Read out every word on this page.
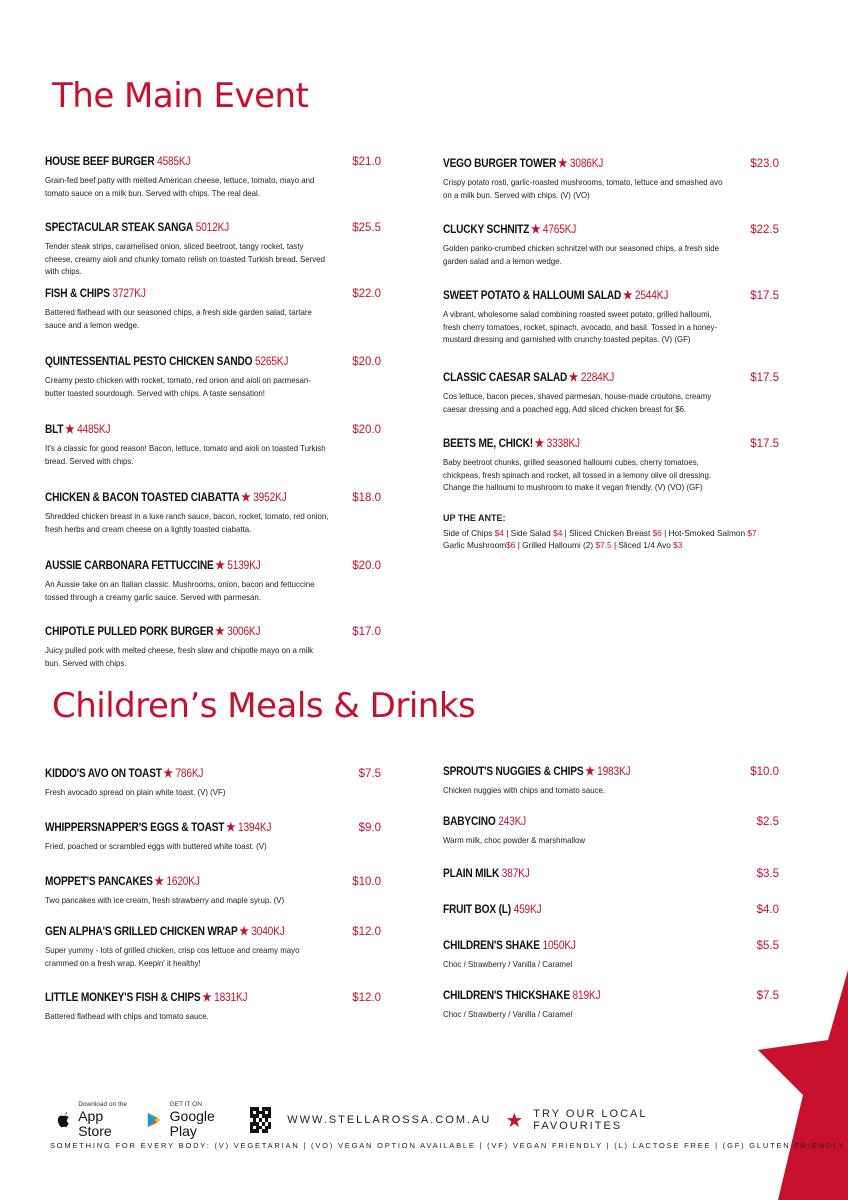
The Main Event
HOUSE BEEF BURGER 4585KJ	$21.0
Grain-fed beef patty with melted American cheese, lettuce, tomato, mayo and tomato sauce on a milk bun. Served with chips. The real deal.
SPECTACULAR STEAK SANGA 5012KJ	$25.5
Tender steak strips, caramelised onion, sliced beetroot, tangy rocket, tasty cheese, creamy aioli and chunky tomato relish on toasted Turkish bread. Served with chips.
FISH & CHIPS 3727KJ	$22.0
Battered flathead with our seasoned chips, a fresh side garden salad, tartare sauce and a lemon wedge.
QUINTESSENTIAL PESTO CHICKEN SANDO 5265KJ	$20.0
Creamy pesto chicken with rocket, tomato, red onion and aioli on parmesan-butter toasted sourdough. Served with chips. A taste sensation!
BLT ★ 4485KJ	$20.0
It's a classic for good reason! Bacon, lettuce, tomato and aioli on toasted Turkish bread. Served with chips.
CHICKEN & BACON TOASTED CIABATTA ★ 3952KJ	$18.0
Shredded chicken breast in a luxe ranch sauce, bacon, rocket, tomato, red onion, fresh herbs and cream cheese on a lightly toasted ciabatta.
AUSSIE CARBONARA FETTUCCINE ★ 5139KJ	$20.0
An Aussie take on an Italian classic. Mushrooms, onion, bacon and fettuccine tossed through a creamy garlic sauce. Served with parmesan.
CHIPOTLE PULLED PORK BURGER ★ 3006KJ	$17.0
Juicy pulled pork with melted cheese, fresh slaw and chipotle mayo on a milk bun. Served with chips.
VEGO BURGER TOWER ★ 3086KJ	$23.0
Crispy potato rosti, garlic-roasted mushrooms, tomato, lettuce and smashed avo on a milk bun. Served with chips. (V) (VO)
CLUCKY SCHNITZ ★ 4765KJ	$22.5
Golden panko-crumbed chicken schnitzel with our seasoned chips, a fresh side garden salad and a lemon wedge.
SWEET POTATO & HALLOUMI SALAD ★ 2544KJ	$17.5
A vibrant, wholesome salad combining roasted sweet potato, grilled halloumi, fresh cherry tomatoes, rocket, spinach, avocado, and basil. Tossed in a honey-mustard dressing and garnished with crunchy toasted pepitas. (V) (GF)
CLASSIC CAESAR SALAD ★ 2284KJ	$17.5
Cos lettuce, bacon pieces, shaved parmesan, house-made croutons, creamy caesar dressing and a poached egg. Add sliced chicken breast for $6.
BEETS ME, CHICK! ★ 3338KJ	$17.5
Baby beetroot chunks, grilled seasoned halloumi cubes, cherry tomatoes, chickpeas, fresh spinach and rocket, all tossed in a lemony olive oil dressing. Change the halloumi to mushroom to make it vegan friendly. (V) (VO) (GF)
UP THE ANTE:
Side of Chips $4 | Side Salad $4 | Sliced Chicken Breast $6 | Hot-Smoked Salmon $7
Garlic Mushroom$6 | Grilled Halloumi (2) $7.5 | Sliced 1/4 Avo $3
Children’s Meals & Drinks
KIDDO'S AVO ON TOAST ★ 786KJ	$7.5
Fresh avocado spread on plain white toast. (V) (VF)
WHIPPERSNAPPER'S EGGS & TOAST ★ 1394KJ	$9.0
Fried, poached or scrambled eggs with buttered white toast. (V)
MOPPET'S PANCAKES ★ 1620KJ	$10.0
Two pancakes with ice cream, fresh strawberry and maple syrup. (V)
GEN ALPHA'S GRILLED CHICKEN WRAP ★ 3040KJ	$12.0
Super yummy - lots of grilled chicken, crisp cos lettuce and creamy mayo crammed on a fresh wrap. Keepin' it healthy!
LITTLE MONKEY'S FISH & CHIPS ★ 1831KJ	$12.0
Battered flathead with chips and tomato sauce.
SPROUT'S NUGGIES & CHIPS ★ 1983KJ	$10.0
Chicken nuggies with chips and tomato sauce.
BABYCINO 243KJ	$2.5
Warm milk, choc powder & marshmallow
PLAIN MILK 387KJ	$3.5
FRUIT BOX (L) 459KJ	$4.0
CHILDREN'S SHAKE 1050KJ	$5.5
Choc / Strawberry / Vanilla / Caramel
CHILDREN'S THICKSHAKE 819KJ	$7.5
Choc / Strawberry / Vanilla / Caramel
Download on the
App Store
GET IT ON
Google Play
WWW.STELLAROSSA.COM.AU ★ TRY OUR LOCAL FAVOURITES
SOMETHING FOR EVERY BODY: (V) VEGETARIAN | (VO) VEGAN OPTION AVAILABLE | (VF) VEGAN FRIENDLY | (L) LACTOSE FREE | (GF) GLUTEN FRIENDLY
